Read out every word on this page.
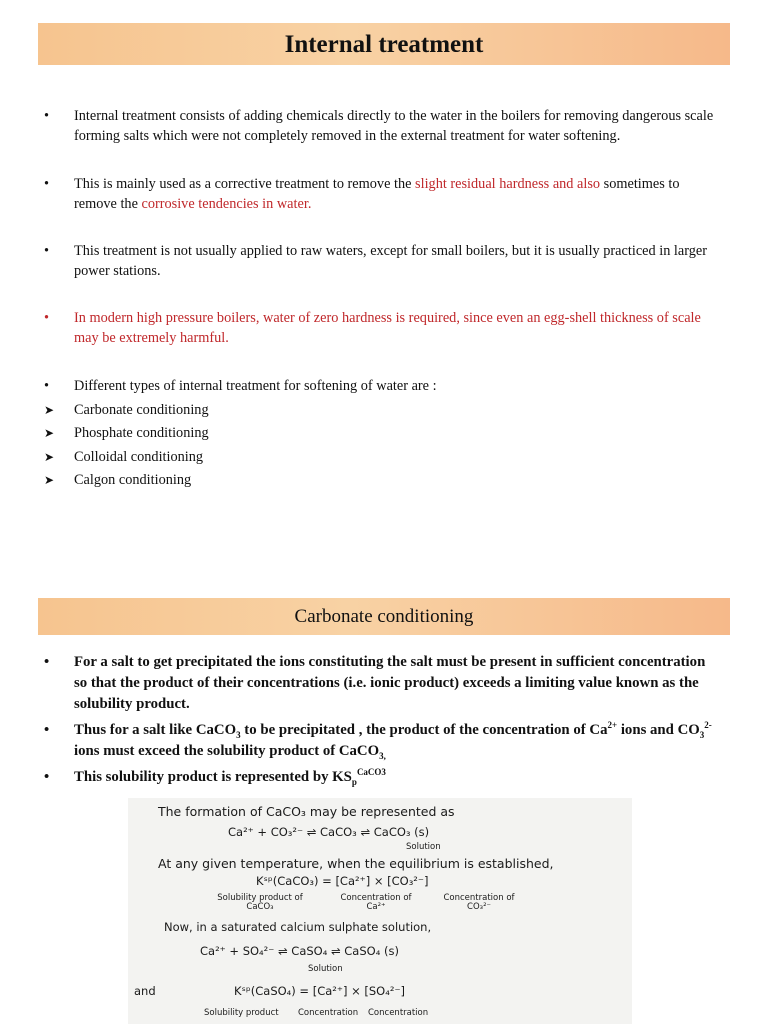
Internal treatment
• Internal treatment consists of adding chemicals directly to the water in the boilers for removing dangerous scale forming salts which were not completely removed in the external treatment for water softening.
• This is mainly used as a corrective treatment to remove the slight residual hardness and also sometimes to remove the corrosive tendencies in water.
• This treatment is not usually applied to raw waters, except for small boilers, but it is usually practiced in larger power stations.
• In modern high pressure boilers, water of zero hardness is required, since even an egg-shell thickness of scale may be extremely harmful.
• Different types of internal treatment for softening of water are :
➤ Carbonate conditioning
➤ Phosphate conditioning
➤ Colloidal conditioning
➤ Calgon conditioning
Carbonate conditioning
• For a salt to get precipitated the ions constituting the salt must be present in sufficient concentration so that the product of their concentrations (i.e. ionic product) exceeds a limiting value known as the solubility product.
• Thus for a salt like CaCO$_3$ to be precipitated , the product of the concentration of $Ca^{2+}$ ions and $CO_3^{2-}$ ions must exceed the solubility product of CaCO$_{3,}$
• This solubility product is represented by $KS_p^{CaCO3}$
The formation of CaCO₃ may be represented as
Ca²⁺ + CO₃²⁻ ⇌ CaCO₃ ⇌ CaCO₃ (s)
Solution
At any given temperature, when the equilibrium is established,
Kˢᵖ(CaCO₃) = [Ca²⁺] × [CO₃²⁻]
Solubility product of CaCO₃
Concentration of Ca²⁺
Concentration of CO₃²⁻
Now, in a saturated calcium sulphate solution,
Ca²⁺ + SO₄²⁻ ⇌ CaSO₄ ⇌ CaSO₄ (s)
Solution
and	Kˢᵖ(CaSO₄) = [Ca²⁺] × [SO₄²⁻]
Solubility product Concentration Concentration
